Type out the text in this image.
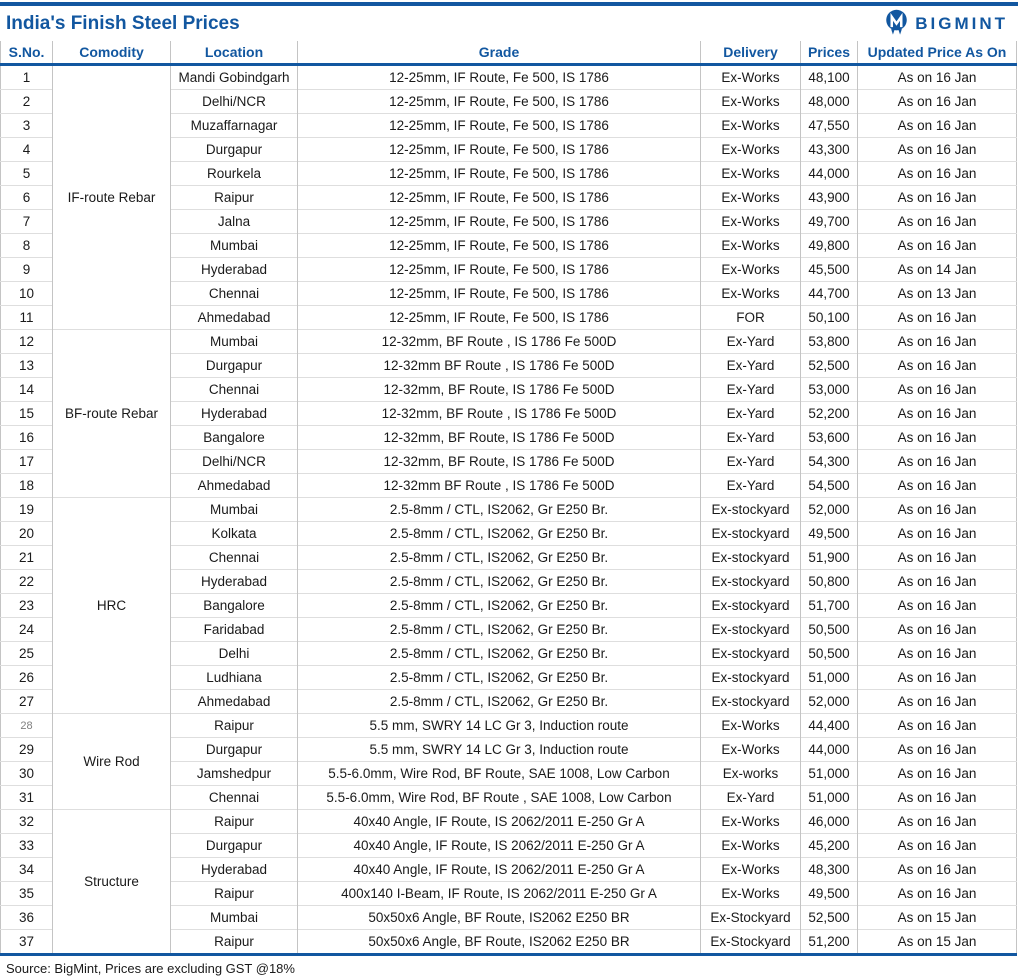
India's Finish Steel Prices	BIGMINT
S.No.	Comodity	Location	Grade	Delivery	Prices	Updated Price As On
1	IF-route Rebar	Mandi Gobindgarh	12-25mm, IF Route, Fe 500, IS 1786	Ex-Works	48,100	As on 16 Jan
2		Delhi/NCR	12-25mm, IF Route, Fe 500, IS 1786	Ex-Works	48,000	As on 16 Jan
3		Muzaffarnagar	12-25mm, IF Route, Fe 500, IS 1786	Ex-Works	47,550	As on 16 Jan
4		Durgapur	12-25mm, IF Route, Fe 500, IS 1786	Ex-Works	43,300	As on 16 Jan
5		Rourkela	12-25mm, IF Route, Fe 500, IS 1786	Ex-Works	44,000	As on 16 Jan
6		Raipur	12-25mm, IF Route, Fe 500, IS 1786	Ex-Works	43,900	As on 16 Jan
7		Jalna	12-25mm, IF Route, Fe 500, IS 1786	Ex-Works	49,700	As on 16 Jan
8		Mumbai	12-25mm, IF Route, Fe 500, IS 1786	Ex-Works	49,800	As on 16 Jan
9		Hyderabad	12-25mm, IF Route, Fe 500, IS 1786	Ex-Works	45,500	As on 14 Jan
10		Chennai	12-25mm, IF Route, Fe 500, IS 1786	Ex-Works	44,700	As on 13 Jan
11		Ahmedabad	12-25mm, IF Route, Fe 500, IS 1786	FOR	50,100	As on 16 Jan
12	BF-route Rebar	Mumbai	12-32mm, BF Route , IS 1786 Fe 500D	Ex-Yard	53,800	As on 16 Jan
13		Durgapur	12-32mm BF Route , IS 1786 Fe 500D	Ex-Yard	52,500	As on 16 Jan
14		Chennai	12-32mm, BF Route, IS 1786 Fe 500D	Ex-Yard	53,000	As on 16 Jan
15		Hyderabad	12-32mm, BF Route , IS 1786 Fe 500D	Ex-Yard	52,200	As on 16 Jan
16		Bangalore	12-32mm, BF Route, IS 1786 Fe 500D	Ex-Yard	53,600	As on 16 Jan
17		Delhi/NCR	12-32mm, BF Route, IS 1786 Fe 500D	Ex-Yard	54,300	As on 16 Jan
18		Ahmedabad	12-32mm BF Route , IS 1786 Fe 500D	Ex-Yard	54,500	As on 16 Jan
19	HRC	Mumbai	2.5-8mm / CTL, IS2062, Gr E250 Br.	Ex-stockyard	52,000	As on 16 Jan
20		Kolkata	2.5-8mm / CTL, IS2062, Gr E250 Br.	Ex-stockyard	49,500	As on 16 Jan
21		Chennai	2.5-8mm / CTL, IS2062, Gr E250 Br.	Ex-stockyard	51,900	As on 16 Jan
22		Hyderabad	2.5-8mm / CTL, IS2062, Gr E250 Br.	Ex-stockyard	50,800	As on 16 Jan
23		Bangalore	2.5-8mm / CTL, IS2062, Gr E250 Br.	Ex-stockyard	51,700	As on 16 Jan
24		Faridabad	2.5-8mm / CTL, IS2062, Gr E250 Br.	Ex-stockyard	50,500	As on 16 Jan
25		Delhi	2.5-8mm / CTL, IS2062, Gr E250 Br.	Ex-stockyard	50,500	As on 16 Jan
26		Ludhiana	2.5-8mm / CTL, IS2062, Gr E250 Br.	Ex-stockyard	51,000	As on 16 Jan
27		Ahmedabad	2.5-8mm / CTL, IS2062, Gr E250 Br.	Ex-stockyard	52,000	As on 16 Jan
28	Wire Rod	Raipur	5.5 mm, SWRY 14 LC Gr 3, Induction route	Ex-Works	44,400	As on 16 Jan
29		Durgapur	5.5 mm, SWRY 14 LC Gr 3, Induction route	Ex-Works	44,000	As on 16 Jan
30		Jamshedpur	5.5-6.0mm, Wire Rod, BF Route, SAE 1008, Low Carbon	Ex-works	51,000	As on 16 Jan
31		Chennai	5.5-6.0mm, Wire Rod, BF Route , SAE 1008, Low Carbon	Ex-Yard	51,000	As on 16 Jan
32	Structure	Raipur	40x40 Angle, IF Route, IS 2062/2011 E-250 Gr A	Ex-Works	46,000	As on 16 Jan
33		Durgapur	40x40 Angle, IF Route, IS 2062/2011 E-250 Gr A	Ex-Works	45,200	As on 16 Jan
34		Hyderabad	40x40 Angle, IF Route, IS 2062/2011 E-250 Gr A	Ex-Works	48,300	As on 16 Jan
35		Raipur	400x140 I-Beam, IF Route, IS 2062/2011 E-250 Gr A	Ex-Works	49,500	As on 16 Jan
36		Mumbai	50x50x6 Angle, BF Route, IS2062 E250 BR	Ex-Stockyard	52,500	As on 15 Jan
37		Raipur	50x50x6 Angle, BF Route, IS2062 E250 BR	Ex-Stockyard	51,200	As on 15 Jan
Source: BigMint, Prices are excluding GST @18%
